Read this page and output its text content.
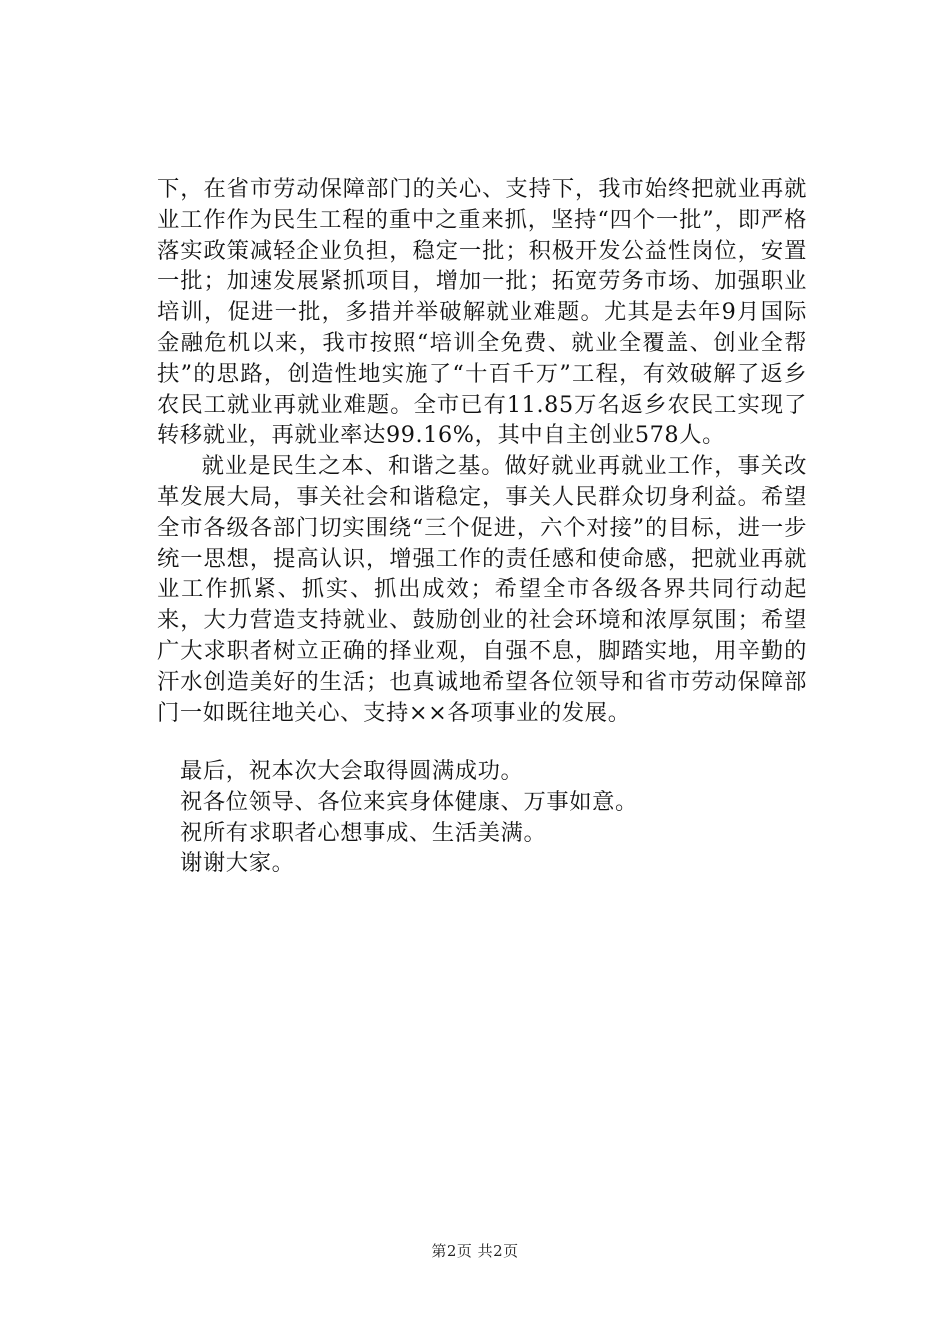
下，在省市劳动保障部门的关心、支持下，我市始终把就业再就业工作作为民生工程的重中之重来抓，坚持“四个一批”，即严格落实政策减轻企业负担，稳定一批；积极开发公益性岗位，安置一批；加速发展紧抓项目，增加一批；拓宽劳务市场、加强职业培训，促进一批，多措并举破解就业难题。尤其是去年9月国际金融危机以来，我市按照“培训全免费、就业全覆盖、创业全帮扶”的思路，创造性地实施了“十百千万”工程，有效破解了返乡农民工就业再就业难题。全市已有11.85万名返乡农民工实现了转移就业，再就业率达99.16%，其中自主创业578人。

就业是民生之本、和谐之基。做好就业再就业工作，事关改革发展大局，事关社会和谐稳定，事关人民群众切身利益。希望全市各级各部门切实围绕“三个促进，六个对接”的目标，进一步统一思想，提高认识，增强工作的责任感和使命感，把就业再就业工作抓紧、抓实、抓出成效；希望全市各级各界共同行动起来，大力营造支持就业、鼓励创业的社会环境和浓厚氛围；希望广大求职者树立正确的择业观，自强不息，脚踏实地，用辛勤的汗水创造美好的生活；也真诚地希望各位领导和省市劳动保障部门一如既往地关心、支持××各项事业的发展。

最后，祝本次大会取得圆满成功。
祝各位领导、各位来宾身体健康、万事如意。
祝所有求职者心想事成、生活美满。
谢谢大家。
第2页 共2页
